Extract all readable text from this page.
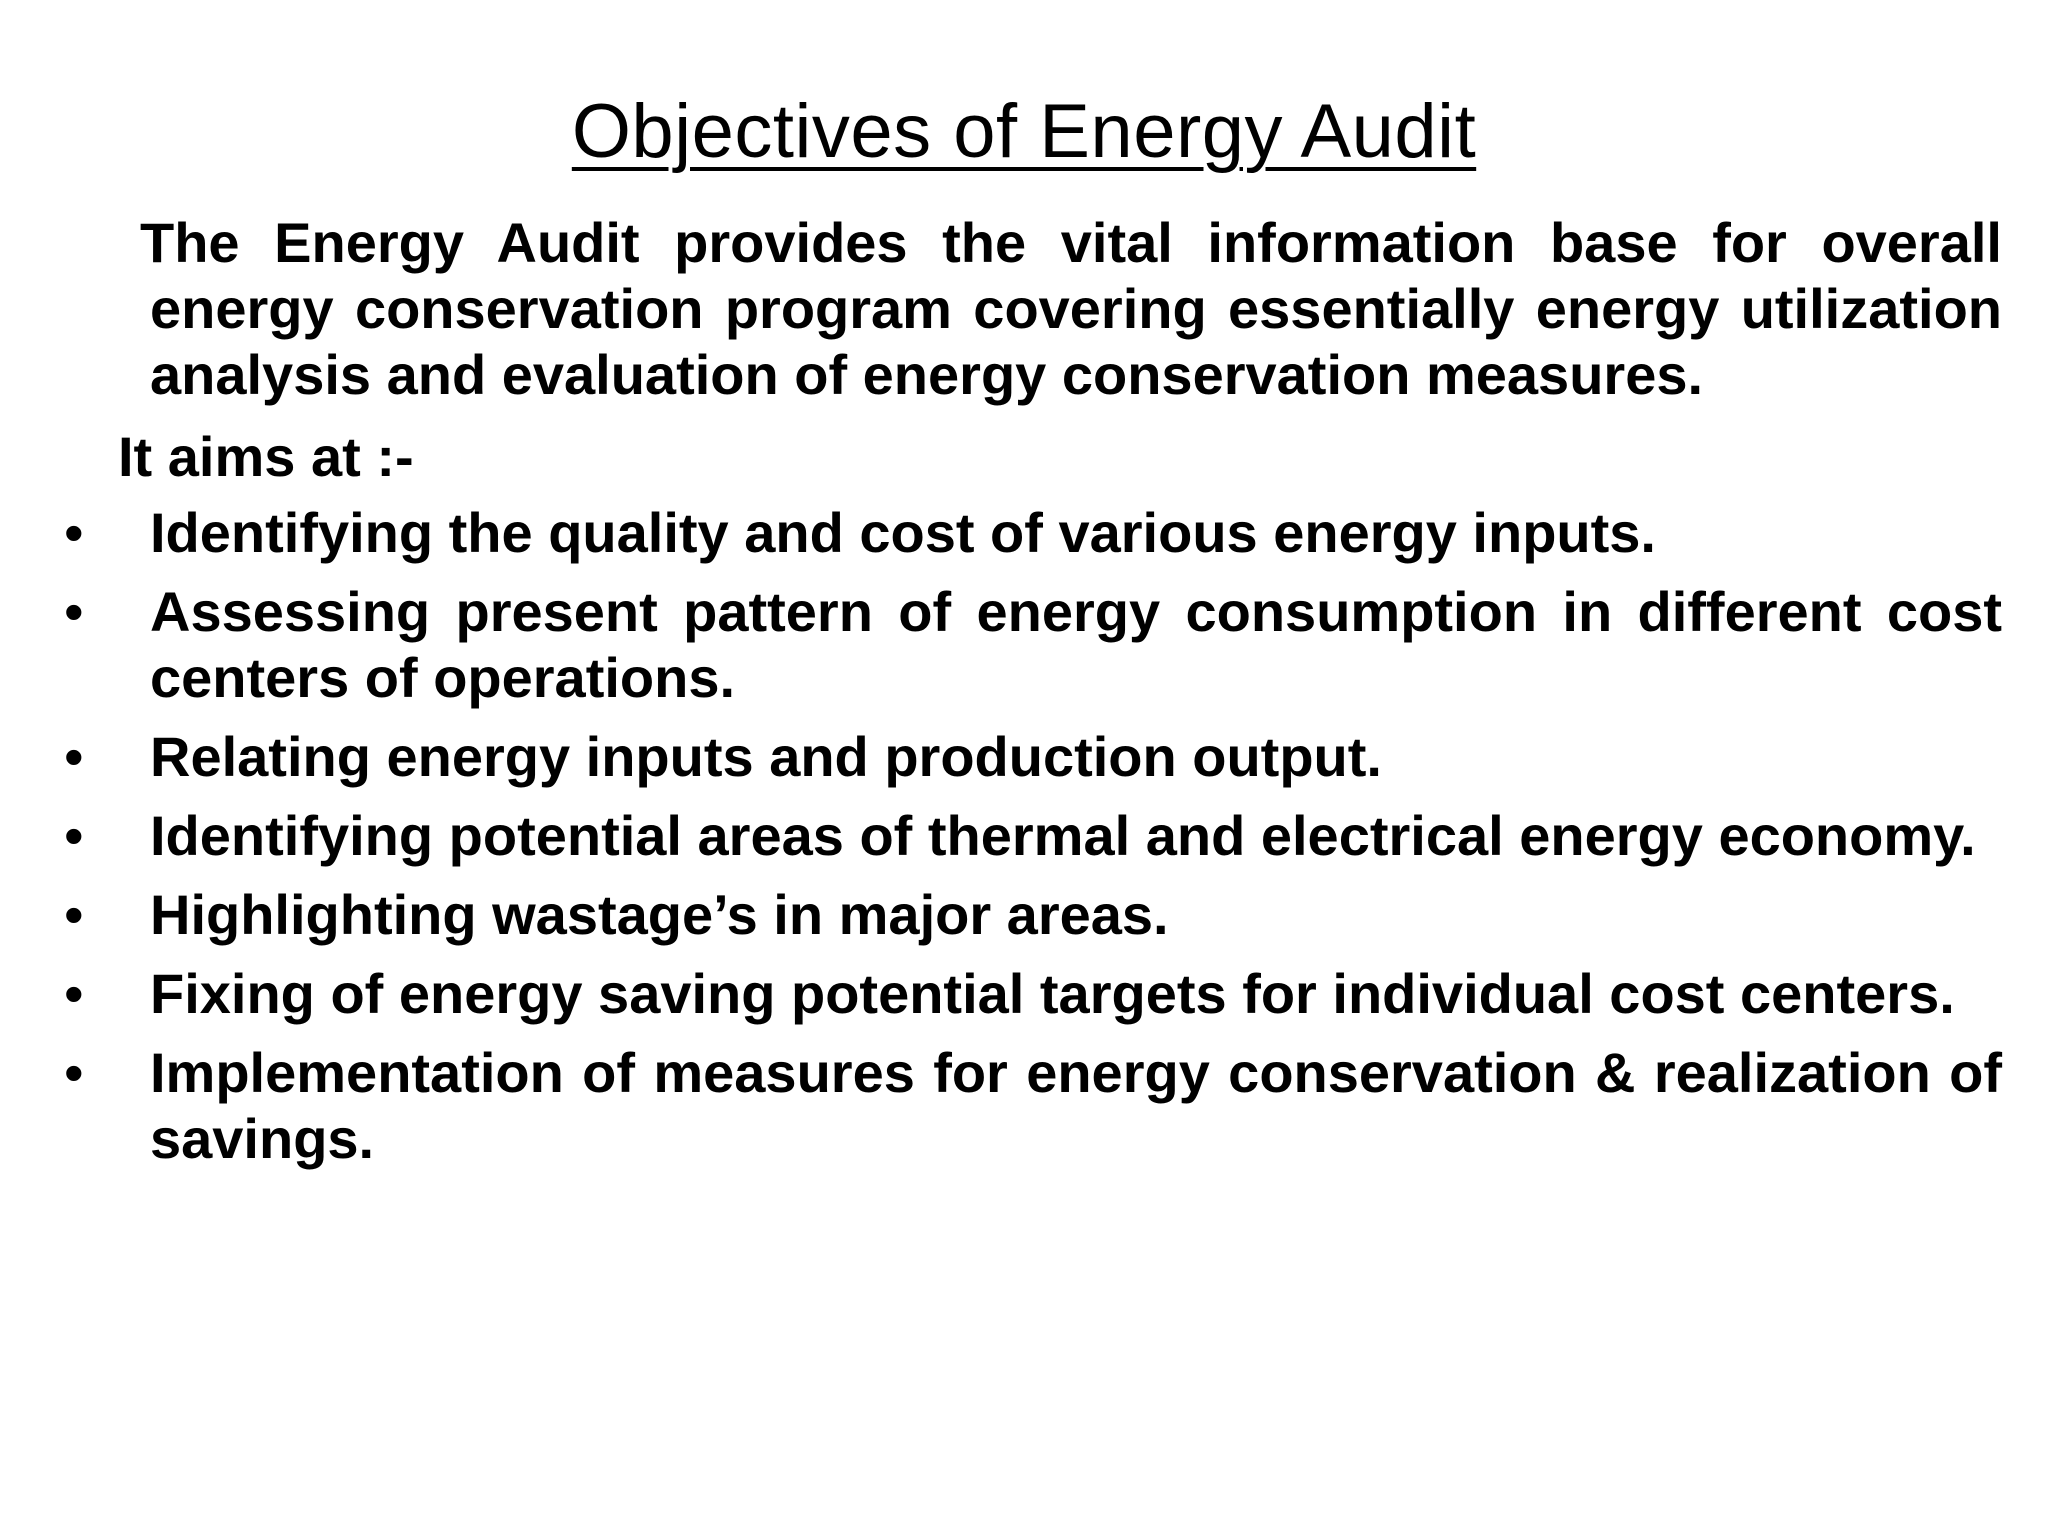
Objectives of Energy Audit

The Energy Audit provides the vital information base for overall energy conservation program covering essentially energy utilization analysis and evaluation of energy conservation measures.

It aims at :-
• Identifying the quality and cost of various energy inputs.
• Assessing present pattern of energy consumption in different cost centers of operations.
• Relating energy inputs and production output.
• Identifying potential areas of thermal and electrical energy economy.
• Highlighting wastage’s in major areas.
• Fixing of energy saving potential targets for individual cost centers.
• Implementation of measures for energy conservation & realization of savings.
